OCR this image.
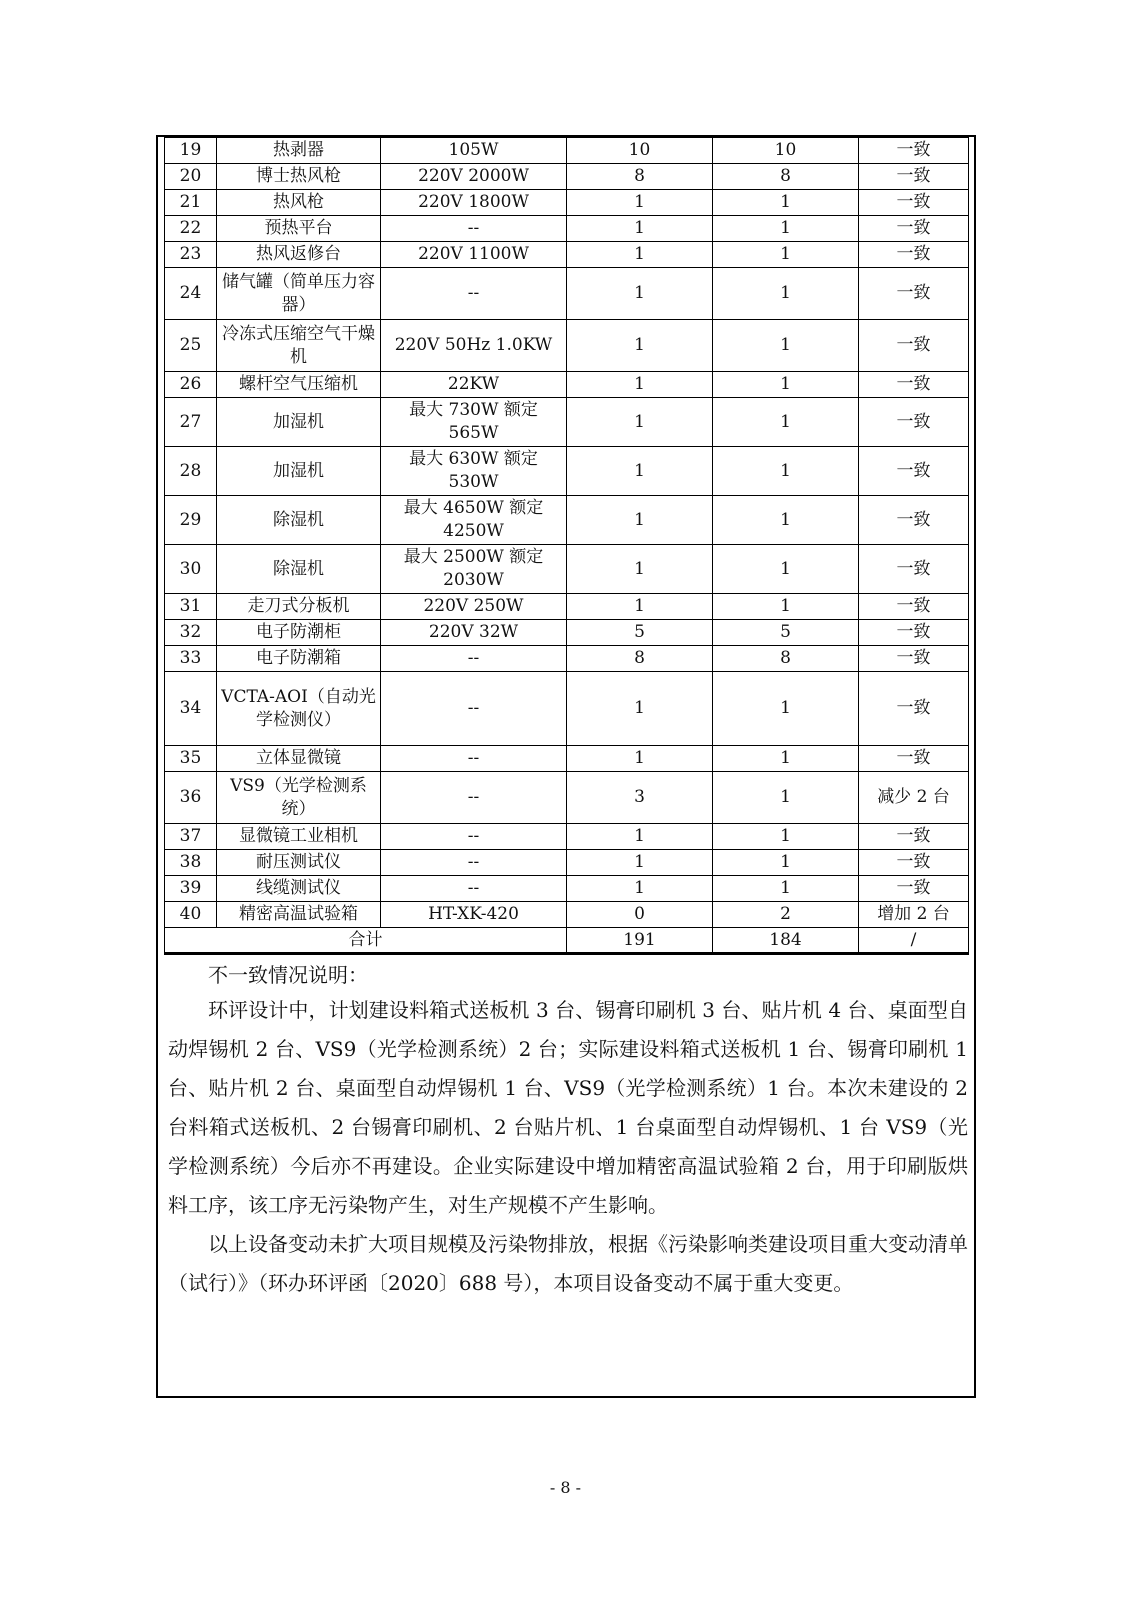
19	热剥器	105W	10	10	一致
20	博士热风枪	220V 2000W	8	8	一致
21	热风枪	220V 1800W	1	1	一致
22	预热平台	--	1	1	一致
23	热风返修台	220V 1100W	1	1	一致
24	储气罐（简单压力容器）	--	1	1	一致
25	冷冻式压缩空气干燥机	220V 50Hz 1.0KW	1	1	一致
26	螺杆空气压缩机	22KW	1	1	一致
27	加湿机	最大 730W 额定 565W	1	1	一致
28	加湿机	最大 630W 额定 530W	1	1	一致
29	除湿机	最大 4650W 额定 4250W	1	1	一致
30	除湿机	最大 2500W 额定 2030W	1	1	一致
31	走刀式分板机	220V 250W	1	1	一致
32	电子防潮柜	220V 32W	5	5	一致
33	电子防潮箱	--	8	8	一致
34	VCTA-AOI（自动光学检测仪）	--	1	1	一致
35	立体显微镜	--	1	1	一致
36	VS9（光学检测系统）	--	3	1	减少 2 台
37	显微镜工业相机	--	1	1	一致
38	耐压测试仪	--	1	1	一致
39	线缆测试仪	--	1	1	一致
40	精密高温试验箱	HT-XK-420	0	2	增加 2 台
合计			191	184	/

不一致情况说明：

环评设计中，计划建设料箱式送板机 3 台、锡膏印刷机 3 台、贴片机 4 台、桌面型自动焊锡机 2 台、VS9（光学检测系统）2 台；实际建设料箱式送板机 1 台、锡膏印刷机 1 台、贴片机 2 台、桌面型自动焊锡机 1 台、VS9（光学检测系统）1 台。本次未建设的 2 台料箱式送板机、2 台锡膏印刷机、2 台贴片机、1 台桌面型自动焊锡机、1 台 VS9（光学检测系统）今后亦不再建设。企业实际建设中增加精密高温试验箱 2 台，用于印刷版烘料工序，该工序无污染物产生，对生产规模不产生影响。

以上设备变动未扩大项目规模及污染物排放，根据《污染影响类建设项目重大变动清单（试行）》（环办环评函〔2020〕688 号），本项目设备变动不属于重大变更。

- 8 -
